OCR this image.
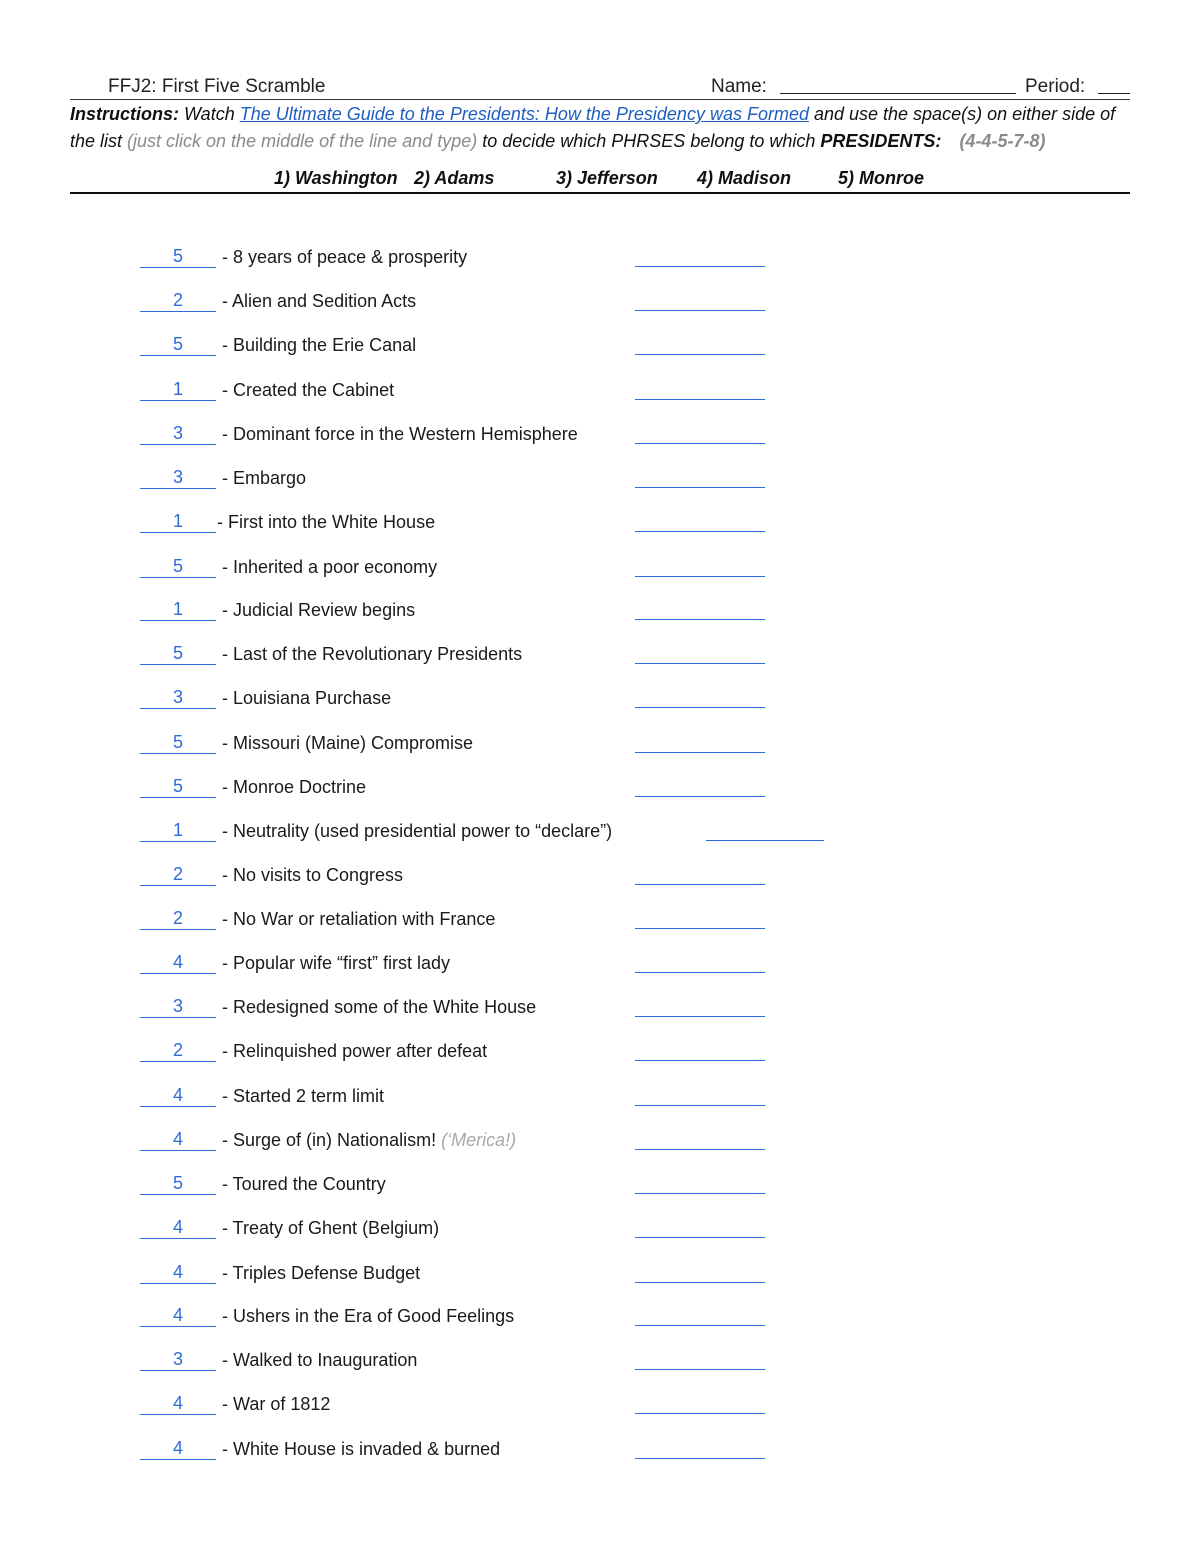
FFJ2: First Five Scramble	Name:	Period:
Instructions: Watch The Ultimate Guide to the Presidents: How the Presidency was Formed and use the space(s) on either side of the list (just click on the middle of the line and type) to decide which PHRSES belong to which PRESIDENTS: (4-4-5-7-8)
1) Washington 2) Adams	3) Jefferson 4) Madison	5) Monroe
5 - 8 years of peace & prosperity
2 - Alien and Sedition Acts
5 - Building the Erie Canal
1 - Created the Cabinet
3 - Dominant force in the Western Hemisphere
3 - Embargo
1 - First into the White House
5 - Inherited a poor economy
1 - Judicial Review begins
5 - Last of the Revolutionary Presidents
3 - Louisiana Purchase
5 - Missouri (Maine) Compromise
5 - Monroe Doctrine
1 - Neutrality (used presidential power to “declare”)
2 - No visits to Congress
2 - No War or retaliation with France
4 - Popular wife “first” first lady
3 - Redesigned some of the White House
2 - Relinquished power after defeat
4 - Started 2 term limit
4 - Surge of (in) Nationalism! (‘Merica!)
5 - Toured the Country
4 - Treaty of Ghent (Belgium)
4 - Triples Defense Budget
4 - Ushers in the Era of Good Feelings
3 - Walked to Inauguration
4 - War of 1812
4 - White House is invaded & burned
